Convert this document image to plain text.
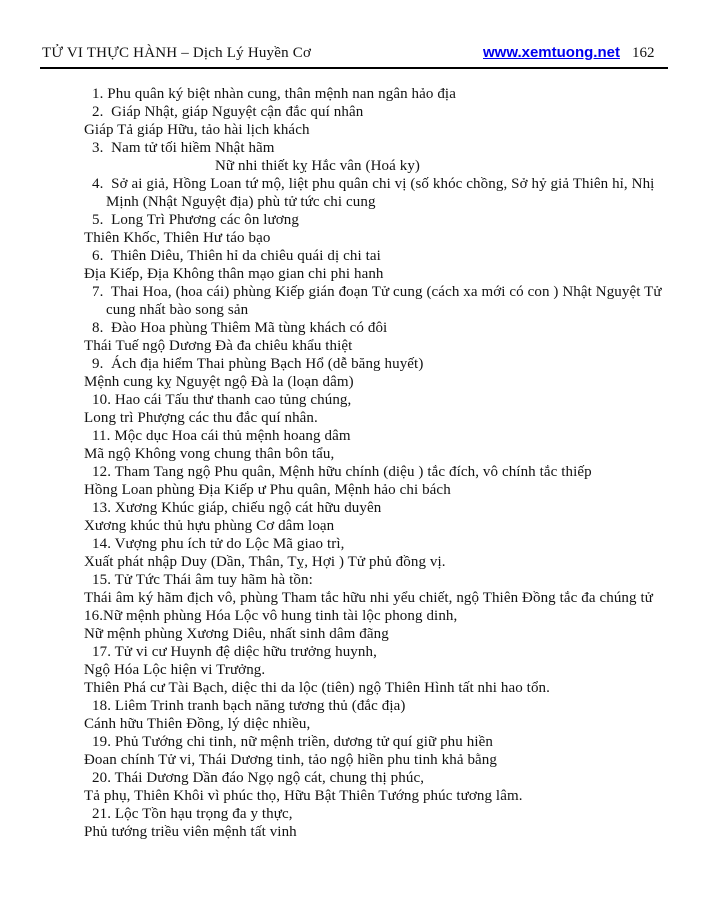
TỬ VI THỰC HÀNH – Dịch Lý Huyền Cơ	www.xemtuong.net 162
1. Phu quân ký biệt nhàn cung, thân mệnh nan ngân hảo địa
2.  Giáp Nhật, giáp Nguyệt cận đắc quí nhân
Giáp Tả giáp Hữu, tảo hài lịch khách
3.  Nam tử tối hiềm Nhật hãm
Nữ nhi thiết kỵ Hắc vân (Hoá ky)
4.  Sở ai giả, Hồng Loan tứ mộ, liệt phu quân chi vị (số khóc chồng, Sở hỷ giả Thiên hỉ, Nhị
Mịnh (Nhật Nguyệt địa) phù tử tức chi cung
5.  Long Trì Phương các ôn lương
Thiên Khốc, Thiên Hư táo bạo
6.  Thiên Diêu, Thiên hỉ da chiêu quái dị chi tai
Địa Kiếp, Địa Không thân mạo gian chi phi hanh
7.  Thai Hoa, (hoa cái) phùng Kiếp gián đoạn Tử cung (cách xa mới có con ) Nhật Nguyệt Tử
cung nhất bào song sản
8.  Đào Hoa phùng Thiêm Mã tùng khách có đôi
Thái Tuế ngộ Dương Đà đa chiêu khẩu thiệt
9.  Ách địa hiểm Thai phùng Bạch Hổ (dễ băng huyết)
Mệnh cung kỵ Nguyệt ngộ Đà la (loạn dâm)
10. Hao cái Tấu thư thanh cao tủng chúng,
Long trì Phượng các thu đắc quí nhân.
11. Mộc dục Hoa cái thủ mệnh hoang dâm
Mã ngộ Không vong chung thân bôn tẩu,
12. Tham Tang ngộ Phu quân, Mệnh hữu chính (diệu ) tắc đích, vô chính tắc thiếp
Hồng Loan phùng Địa Kiếp ư Phu quân, Mệnh hảo chi bách
13. Xương Khúc giáp, chiếu ngộ cát hữu duyên
Xương khúc thủ hựu phùng Cơ dâm loạn
14. Vượng phu ích tử do Lộc Mã giao trì,
Xuất phát nhập Duy (Dần, Thân, Tỵ, Hợi ) Tử phủ đồng vị.
15. Tử Tức Thái âm tuy hãm hà tồn:
Thái âm ký hãm địch vô, phùng Tham tắc hữu nhi yểu chiết, ngộ Thiên Đồng tắc đa chúng tử
16.Nữ mệnh phùng Hóa Lộc vô hung tinh tài lộc phong dinh,
Nữ mệnh phùng Xương Diêu, nhất sinh dâm đãng
17. Tử vi cư Huynh đệ diệc hữu trưởng huynh,
Ngộ Hóa Lộc hiện vi Trưởng.
Thiên Phá cư Tài Bạch, diệc thi da lộc (tiên) ngộ Thiên Hình tất nhi hao tổn.
18. Liêm Trinh tranh bạch năng tương thủ (đắc địa)
Cánh hữu Thiên Đồng, lý diệc nhiều,
19. Phủ Tướng chi tinh, nữ mệnh triền, dương tử quí giữ phu hiền
Đoan chính Tử vi, Thái Dương tinh, tảo ngộ hiền phu tinh khả bằng
20. Thái Dương Dần đáo Ngọ ngộ cát, chung thị phúc,
Tả phụ, Thiên Khôi vì phúc thọ, Hữu Bật Thiên Tướng phúc tương lâm.
21. Lộc Tồn hạu trọng đa y thực,
Phủ tướng triều viên mệnh tất vinh
